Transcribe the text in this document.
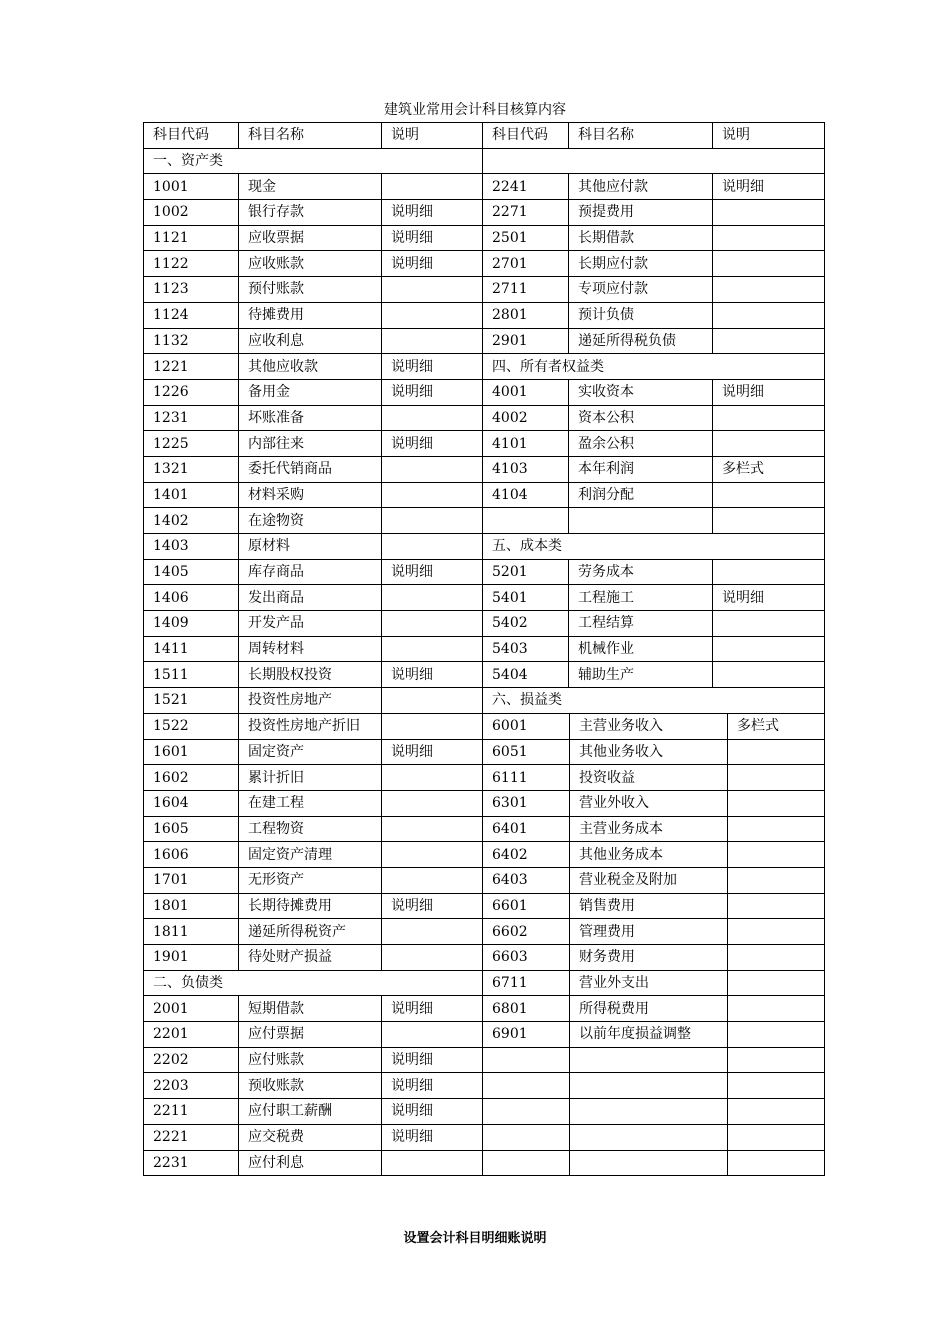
建筑业常用会计科目核算内容
科目代码	科目名称	说明	科目代码	科目名称	说明
一、资产类					
1001	现金		2241	其他应付款	说明细
1002	银行存款	说明细	2271	预提费用	
1121	应收票据	说明细	2501	长期借款	
1122	应收账款	说明细	2701	长期应付款	
1123	预付账款		2711	专项应付款	
1124	待摊费用		2801	预计负债	
1132	应收利息		2901	递延所得税负债	
1221	其他应收款	说明细	四、所有者权益类		
1226	备用金	说明细	4001	实收资本	说明细
1231	坏账准备		4002	资本公积	
1225	内部往来	说明细	4101	盈余公积	
1321	委托代销商品		4103	本年利润	多栏式
1401	材料采购		4104	利润分配	
1402	在途物资				
1403	原材料		五、成本类		
1405	库存商品	说明细	5201	劳务成本	
1406	发出商品		5401	工程施工	说明细
1409	开发产品		5402	工程结算	
1411	周转材料		5403	机械作业	
1511	长期股权投资	说明细	5404	辅助生产	
1521	投资性房地产		六、损益类		
1522	投资性房地产折旧		6001 主营业务收入 多栏式		

1601	固定资产	说明细	6051 其他业务收入		

1602	累计折旧		6111 投资收益		

1604	在建工程		6301 营业外收入		

1605	工程物资		6401 主营业务成本		

1606	固定资产清理		6402 其他业务成本		

1701	无形资产		6403 营业税金及附加		

1801	长期待摊费用	说明细	6601 销售费用		

1811	递延所得税资产		6602 管理费用		

1901	待处财产损益		6603 财务费用		

二、负债类			6711 营业外支出		

2001	短期借款	说明细	6801 所得税费用		

2201	应付票据		6901 以前年度损益调整		

2202	应付账款	说明细			

2203	预收账款	说明细			

2211	应付职工薪酬	说明细			

2221	应交税费	说明细			

2231	应付利息				
设置会计科目明细账说明
